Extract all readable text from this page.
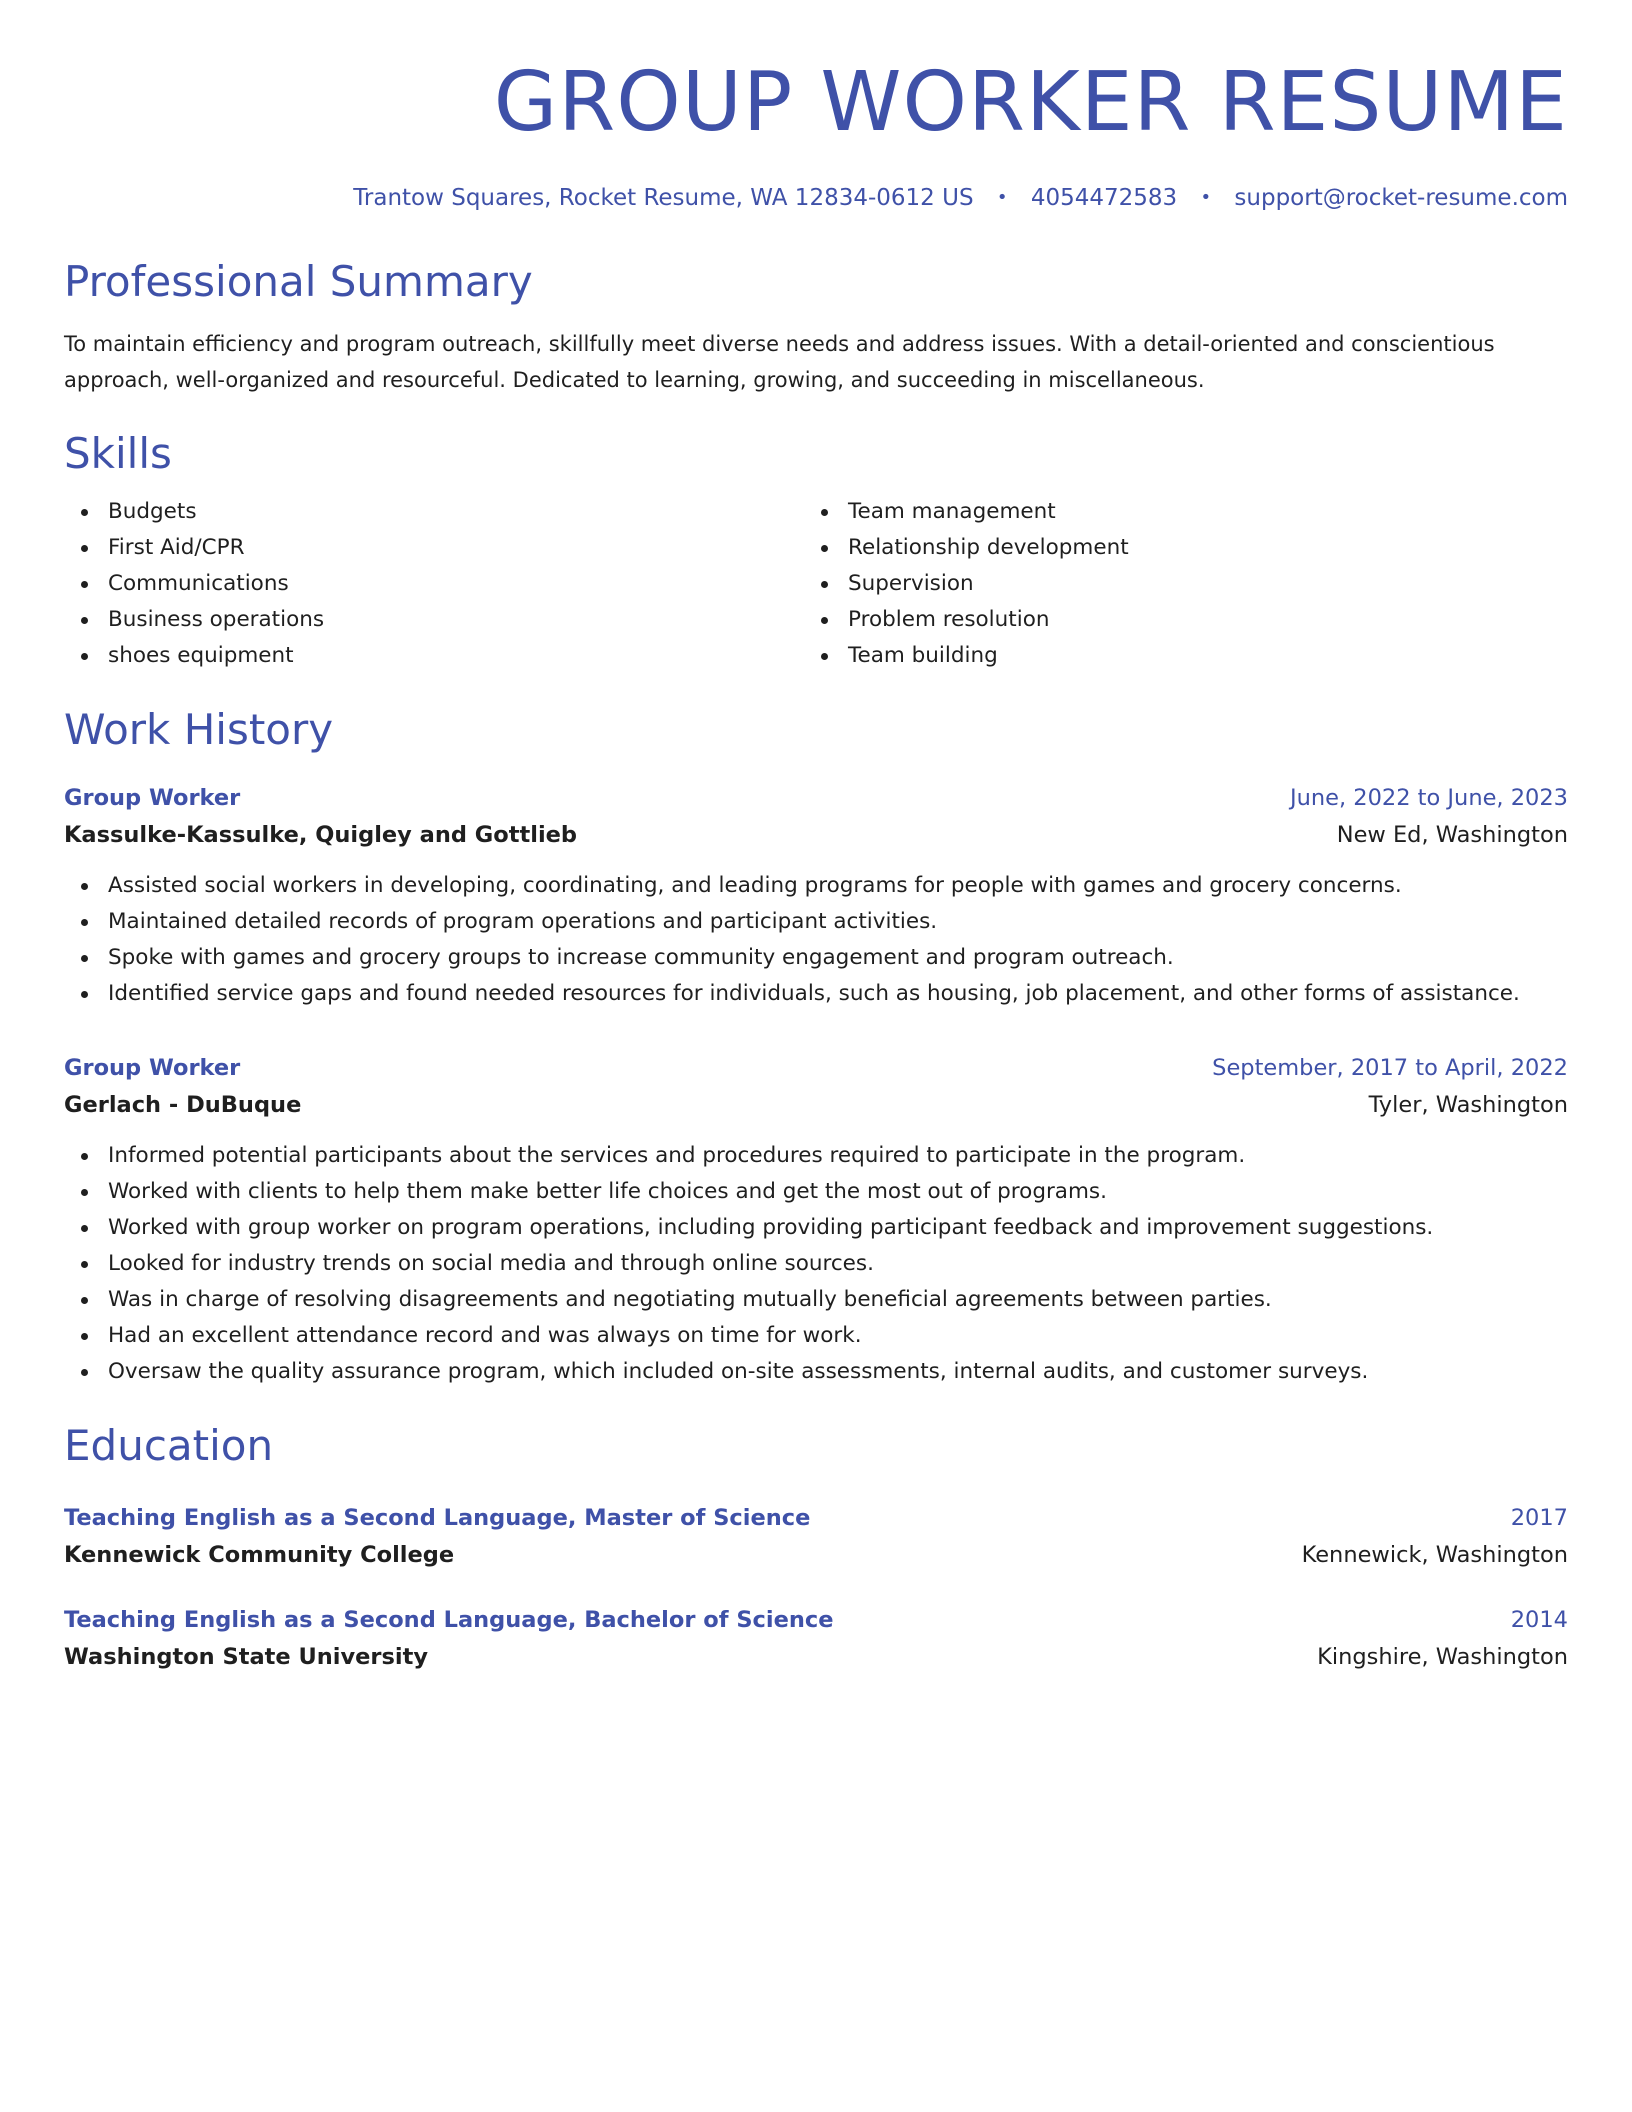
GROUP WORKER RESUME
Trantow Squares, Rocket Resume, WA 12834-0612 US • 4054472583 • support@rocket-resume.com
Professional Summary

To maintain efficiency and program outreach, skillfully meet diverse needs and address issues. With a detail-oriented and conscientious approach, well-organized and resourceful. Dedicated to learning, growing, and succeeding in miscellaneous.

Skills
Budgets
First Aid/CPR
Communications
Business operations
shoes equipment
Team management
Relationship development
Supervision
Problem resolution
Team building
Work History
Group Worker	June, 2022 to June, 2023
Kassulke-Kassulke, Quigley and Gottlieb	New Ed, Washington
Assisted social workers in developing, coordinating, and leading programs for people with games and grocery concerns.
Maintained detailed records of program operations and participant activities.
Spoke with games and grocery groups to increase community engagement and program outreach.
Identified service gaps and found needed resources for individuals, such as housing, job placement, and other forms of assistance.
Group Worker	September, 2017 to April, 2022
Gerlach - DuBuque	Tyler, Washington
Informed potential participants about the services and procedures required to participate in the program.
Worked with clients to help them make better life choices and get the most out of programs.
Worked with group worker on program operations, including providing participant feedback and improvement suggestions.
Looked for industry trends on social media and through online sources.
Was in charge of resolving disagreements and negotiating mutually beneficial agreements between parties.
Had an excellent attendance record and was always on time for work.
Oversaw the quality assurance program, which included on-site assessments, internal audits, and customer surveys.
Education
Teaching English as a Second Language, Master of Science	2017
Kennewick Community College	Kennewick, Washington
Teaching English as a Second Language, Bachelor of Science	2014
Washington State University	Kingshire, Washington
